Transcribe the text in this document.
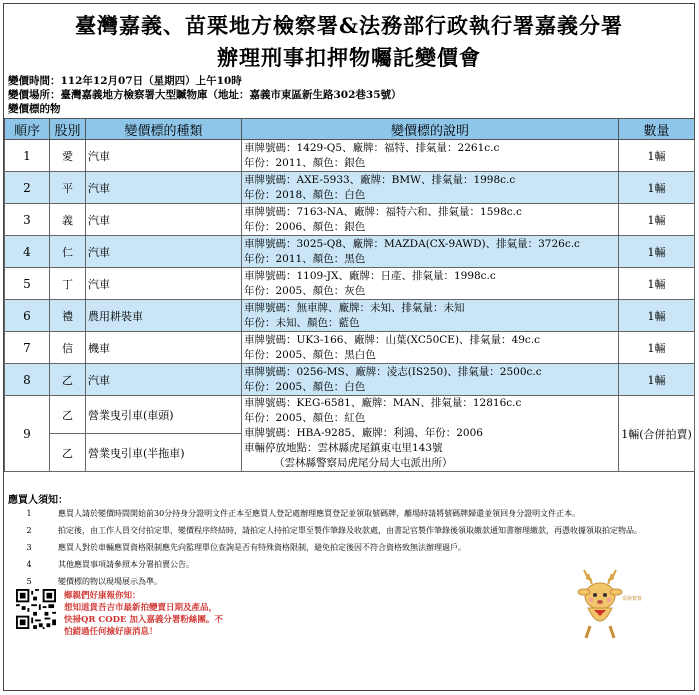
臺灣嘉義、苗栗地方檢察署&法務部行政執行署嘉義分署
辦理刑事扣押物囑託變價會
變價時間：112年12月07日（星期四）上午10時
變價場所：臺灣嘉義地方檢察署大型贓物庫（地址：嘉義市東區新生路302巷35號）
變價標的物
順序	股別	變價標的種類	變價標的說明	數量
1	愛	汽車	車牌號碼：1429-Q5、廠牌：福特、排氣量：2261c.c
年份：2011、顏色：銀色	1輛
2	平	汽車	車牌號碼：AXE-5933、廠牌：BMW、排氣量：1998c.c
年份：2018、顏色：白色	1輛
3	義	汽車	車牌號碼：7163-NA、廠牌：福特六和、排氣量：1598c.c
年份：2006、顏色：銀色	1輛
4	仁	汽車	車牌號碼：3025-Q8、廠牌：MAZDA(CX-9AWD)、排氣量：3726c.c
年份：2011、顏色：黑色	1輛
5	丁	汽車	車牌號碼：1109-JX、廠牌：日產、排氣量：1998c.c
年份：2005、顏色：灰色	1輛
6	禮	農用耕裝車	車牌號碼：無車牌、廠牌：未知、排氣量：未知
年份：未知、顏色：藍色	1輛
7	信	機車	車牌號碼：UK3-166、廠牌：山葉(XC50CE)、排氣量：49c.c
年份：2005、顏色：黑白色	1輛
8	乙	汽車	車牌號碼：0256-MS、廠牌：凌志(IS250)、排氣量：2500c.c
年份：2005、顏色：白色	1輛
9	乙	營業曳引車(車頭)	車牌號碼：KEG-6581、廠牌：MAN、排氣量：12816c.c
年份：2005、顏色：紅色
車牌號碼：HBA-9285、廠牌：利鴻、年份：2006
車輛停放地點：雲林縣虎尾鎮東屯里143號
（雲林縣警察局虎尾分局大屯派出所）	1輛(合併拍賣)
	乙	營業曳引車(半拖車)		
應買人須知：
1	應買人請於變價時間開始前30分持身分證明文件正本至應買人登記處辦理應買登記並領取號碼牌，離場時請將號碼牌歸還並領回身分證明文件正本。
2	拍定後，由工作人員交付拍定單，變價程序終結時，請拍定人持拍定單至製作筆錄及收款處，由書記官製作筆錄後領取繳款通知書辦理繳款，再憑收據領取拍定物品。
3	應買人對於車輛應買資格限制應先向監理單位查詢是否有特殊資格限制，避免拍定後因不符合資格致無法辦理過戶。
4	其他應買事項請參照本分署拍賣公告。
5	變價標的物以現場展示為準。
鄉親們好康報你知：
想知道貴吾吉市最新拍變賣日期及產品，
快掃QR CODE 加入嘉義分署粉絲團。不
怕錯過任何撿好康消息！
嘉檢寶寶
